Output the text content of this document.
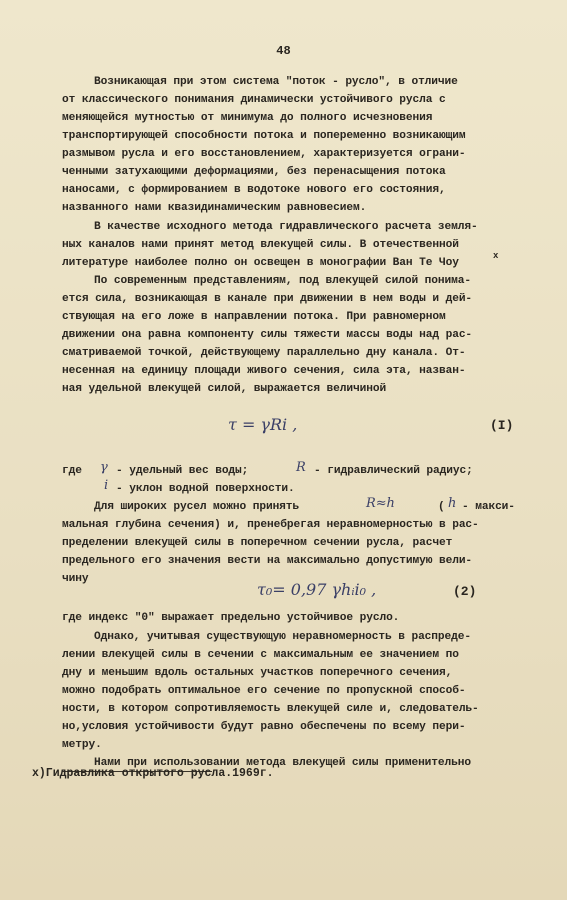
48

Возникающая при этом система "поток - русло", в отличие

от классического понимания динамически устойчивого русла с

меняющейся мутностью от минимума до полного исчезновения

транспортирующей способности потока и попеременно возникающим

размывом русла и его восстановлением, характеризуется ограни-

ченными затухающими деформациями, без перенасыщения потока

наносами, с формированием в водотоке нового его состояния,

названного нами квазидинамическим равновесием.

В качестве исходного метода гидравлического расчета земля-

ных каналов нами принят метод влекущей силы. В отечественной

литературе наиболее полно он освещен в монографии Ван Те Чоу

По современным представлениям, под влекущей силой понима-

ется сила, возникающая в канале при движении в нем воды и дей-

ствующая на его ложе в направлении потока. При равномерном

движении она равна компоненту силы тяжести массы воды над рас-

сматриваемой точкой, действующему параллельно дну канала. От-

несенная на единицу площади живого сечения, сила эта, назван-

ная удельной влекущей силой, выражается величиной

где

Для широких русел можно принять

мальная глубина сечения) и, пренебрегая неравномерностью в рас-

пределении влекущей силы в поперечном сечении русла, расчет

предельного его значения вести на максимально допустимую вели-

чину

где индекс "0" выражает предельно устойчивое русло.

Однако, учитывая существующую неравномерность в распреде-

лении влекущей силы в сечении с максимальным ее значением по

дну и меньшим вдоль остальных участков поперечного сечения,

можно подобрать оптимальное его сечение по пропускной способ-

ности, в котором сопротивляемость влекущей силе и, следователь-

но,условия устойчивости будут равно обеспечены по всему пери-

метру.

Нами при использовании метода влекущей силы применительно

x
τ = γRi ,	(I)
γ - удельный вес воды;	R - гидравлический радиус;
i - уклон водной поверхности.
R≈h	( h - макси-
τ₀= 0,97 γhᵢi₀ ,	(2)
х)Гидравлика открытого русла.1969г.
